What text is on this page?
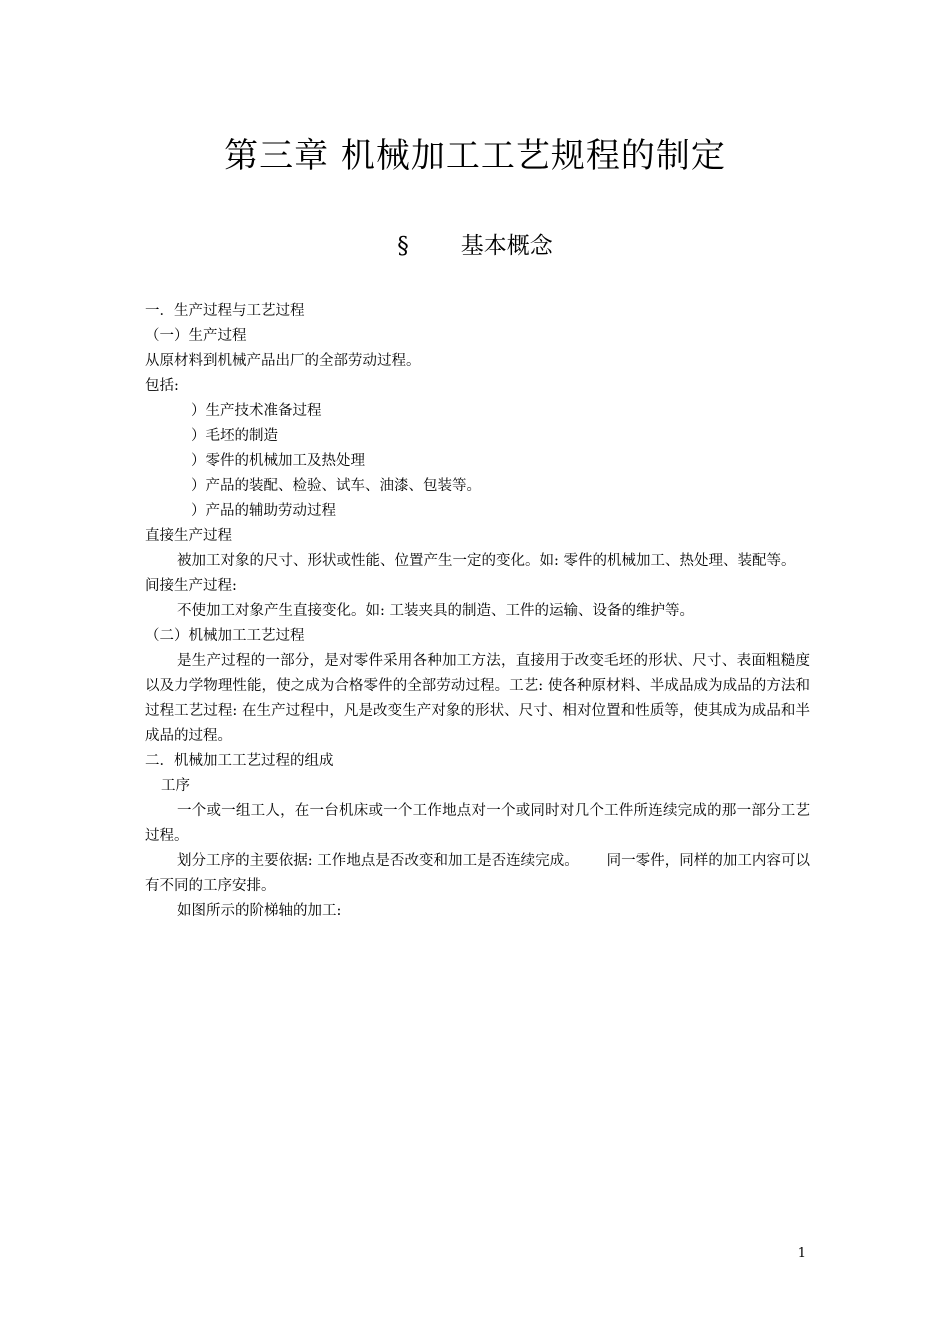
第三章 机械加工工艺规程的制定
§ 基本概念

一．生产过程与工艺过程

（一）生产过程

从原材料到机械产品出厂的全部劳动过程。

包括:

）生产技术准备过程

）毛坯的制造

）零件的机械加工及热处理

）产品的装配、检验、试车、油漆、包装等。

）产品的辅助劳动过程

直接生产过程

被加工对象的尺寸、形状或性能、位置产生一定的变化。如: 零件的机械加工、热处理、装配等。

间接生产过程:

不使加工对象产生直接变化。如: 工装夹具的制造、工件的运输、设备的维护等。

（二）机械加工工艺过程

是生产过程的一部分，是对零件采用各种加工方法，直接用于改变毛坯的形状、尺寸、表面粗糙度以及力学物理性能，使之成为合格零件的全部劳动过程。工艺: 使各种原材料、半成品成为成品的方法和过程工艺过程: 在生产过程中，凡是改变生产对象的形状、尺寸、相对位置和性质等，使其成为成品和半成品的过程。

二．机械加工工艺过程的组成

工序

一个或一组工人，在一台机床或一个工作地点对一个或同时对几个工件所连续完成的那一部分工艺过程。

划分工序的主要依据: 工作地点是否改变和加工是否连续完成。      同一零件，同样的加工内容可以有不同的工序安排。

如图所示的阶梯轴的加工:

1
